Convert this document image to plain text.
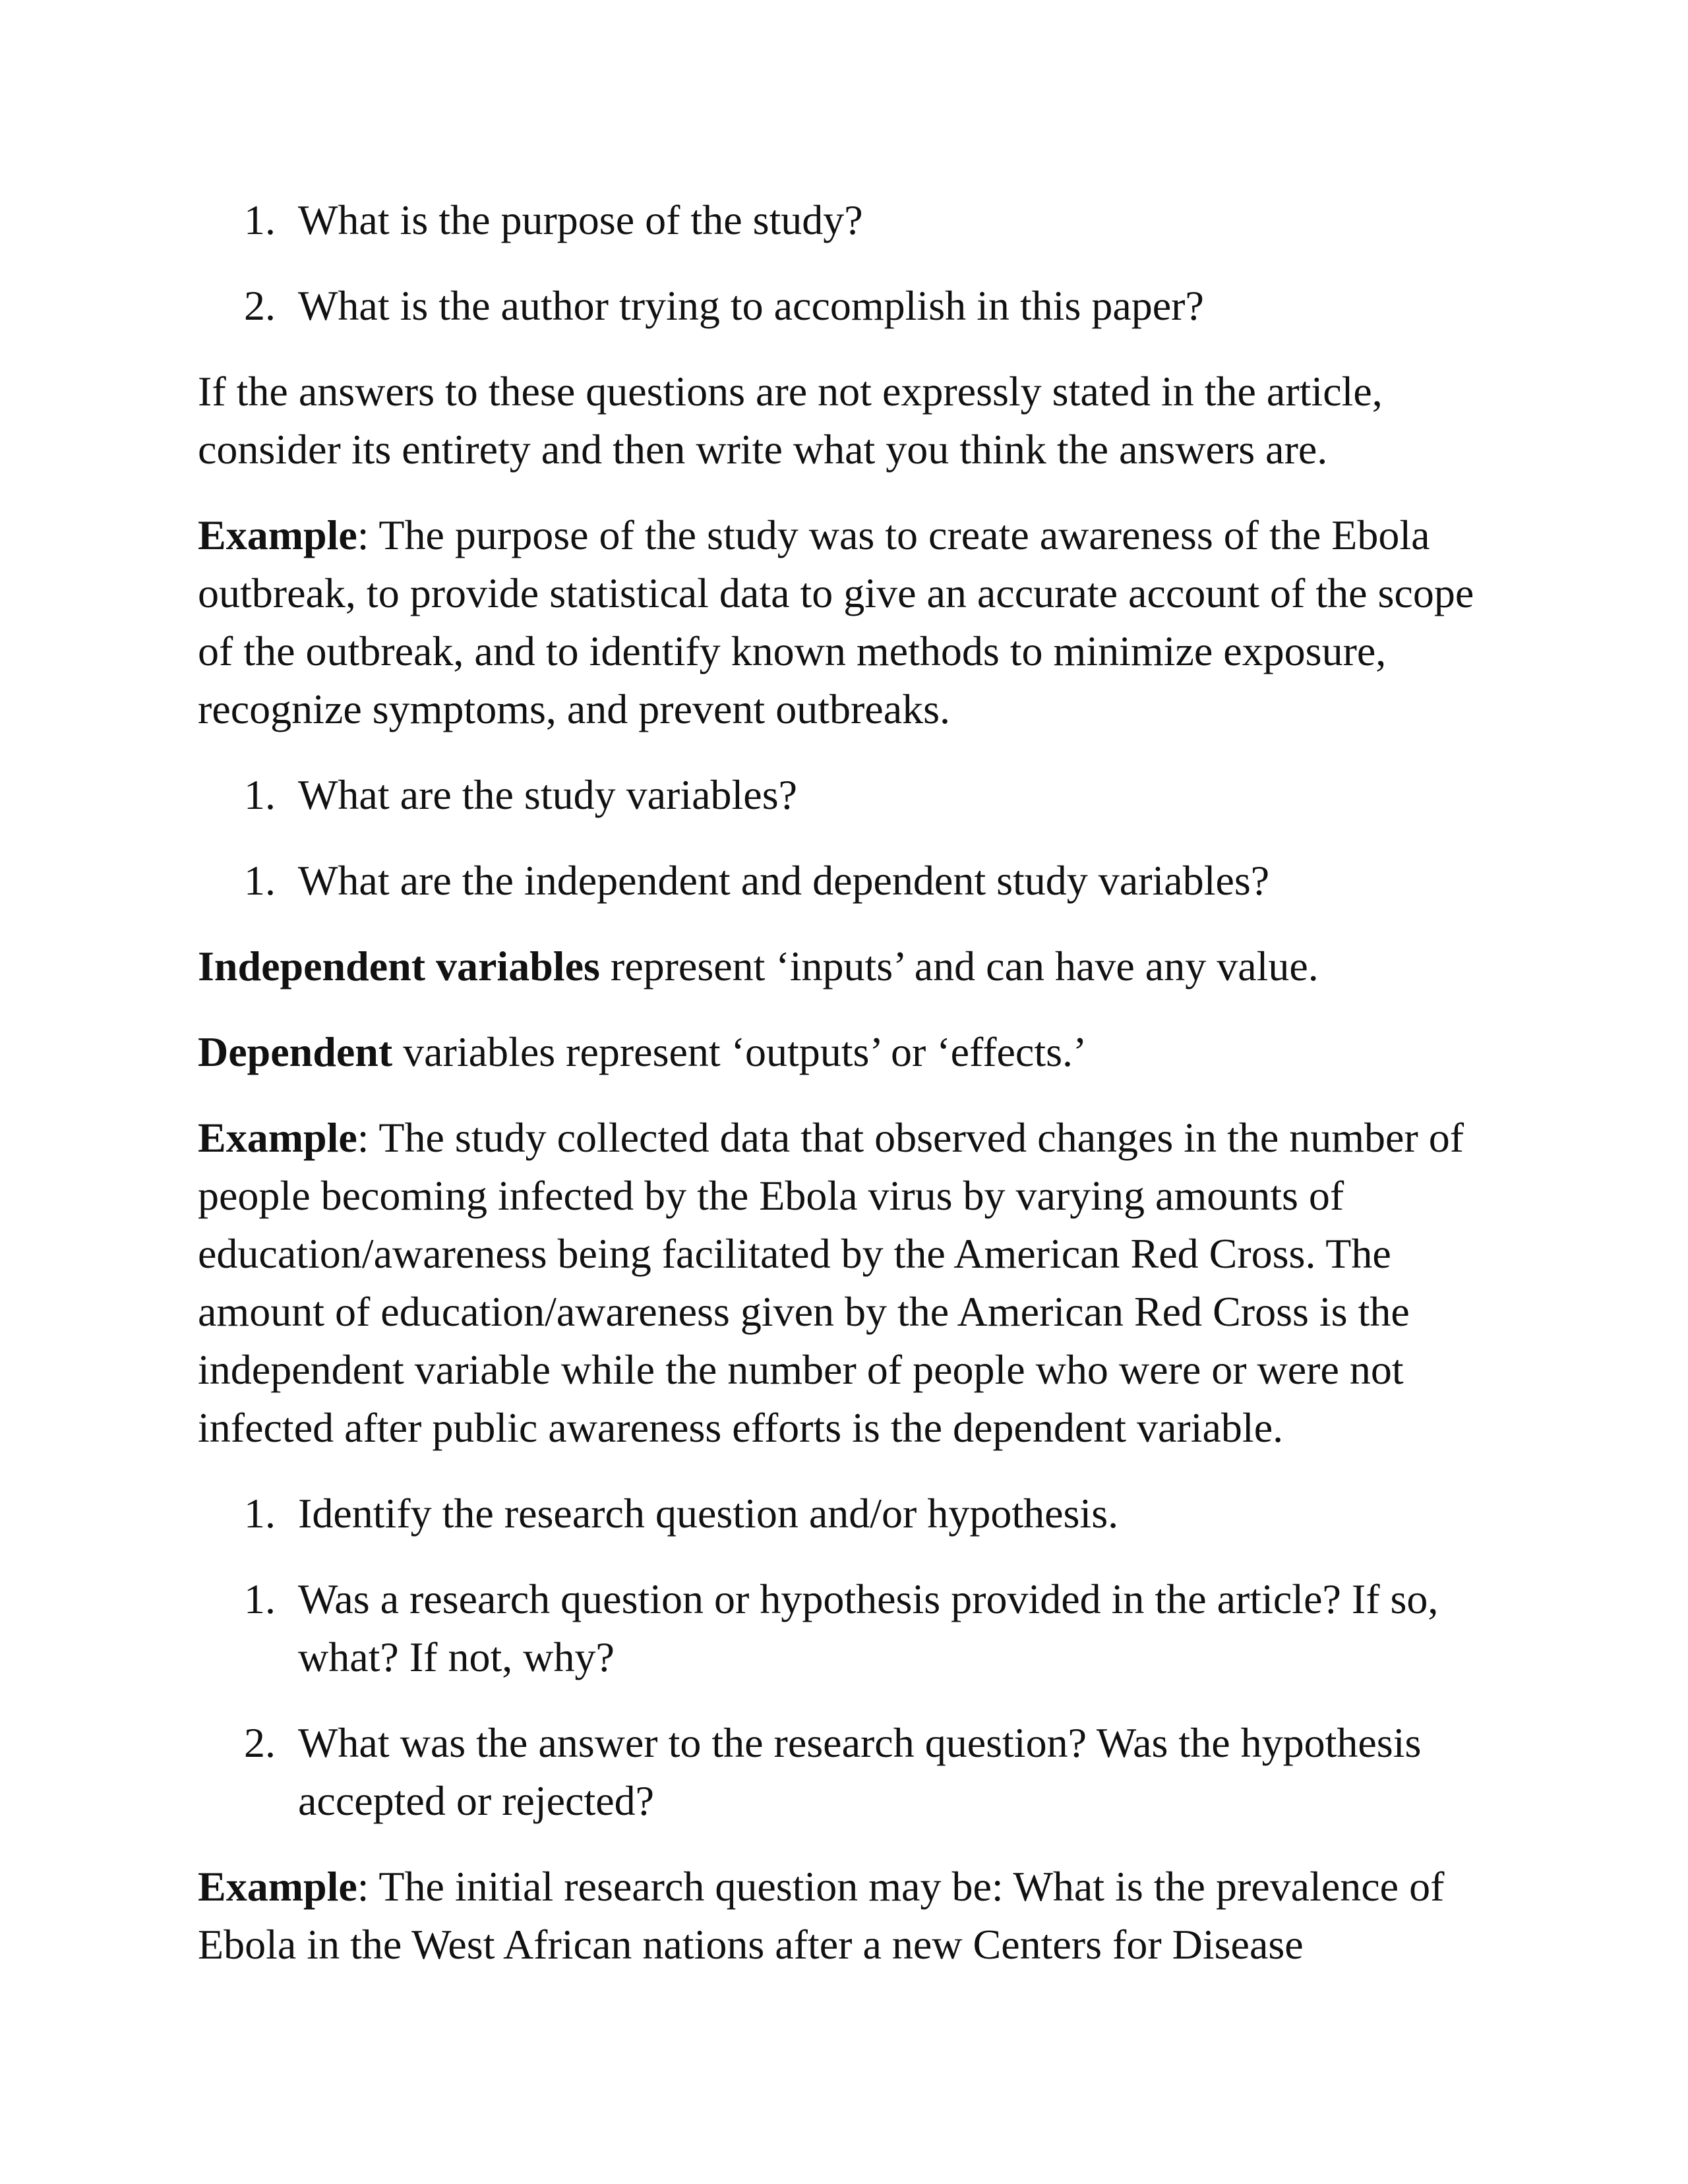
1. What is the purpose of the study?
2. What is the author trying to accomplish in this paper?

If the answers to these questions are not expressly stated in the article, consider its entirety and then write what you think the answers are.

Example: The purpose of the study was to create awareness of the Ebola outbreak, to provide statistical data to give an accurate account of the scope of the outbreak, and to identify known methods to minimize exposure, recognize symptoms, and prevent outbreaks.

1. What are the study variables?
1. What are the independent and dependent study variables?

Independent variables represent ‘inputs’ and can have any value.

Dependent variables represent ‘outputs’ or ‘effects.’

Example: The study collected data that observed changes in the number of people becoming infected by the Ebola virus by varying amounts of education/awareness being facilitated by the American Red Cross. The amount of education/awareness given by the American Red Cross is the independent variable while the number of people who were or were not infected after public awareness efforts is the dependent variable.

1. Identify the research question and/or hypothesis.
1. Was a research question or hypothesis provided in the article? If so, what? If not, why?
2. What was the answer to the research question? Was the hypothesis accepted or rejected?

Example: The initial research question may be: What is the prevalence of Ebola in the West African nations after a new Centers for Disease
